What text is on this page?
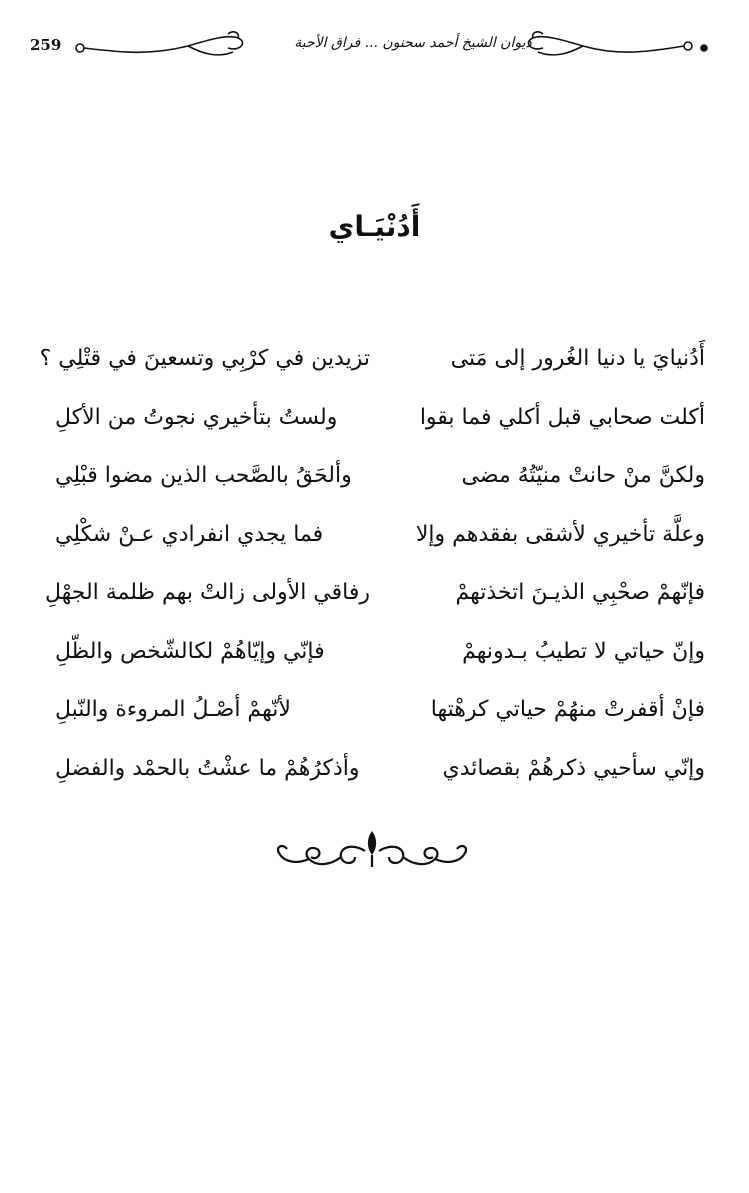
259	ديوان الشيخ أحمد سحنون ... فراق الأحبة
أَدُنْيَـاي
أَدُنيايَ يا دنيا الغُرور إلى مَتى
تزيدين في كرْبِي وتسعينَ في قتْلِي ؟
أكلت صحابي قبل أكلي فما بقوا
ولستُ بتأخيري نجوتُ من الأكلِ
ولكنَّ منْ حانتْ منيّتُهُ مضى
وألحَقُ بالصَّحب الذين مضوا قبْلِي
وعلَّة تأخيري لأشقى بفقدهم وإلا
فما يجدي انفرادي عـنْ شكْلِي
فإنّهمْ صحْبِي الذيـنَ اتخذتهمْ
رفاقي الأولى زالتْ بهم ظلمة الجهْلِ
وإنّ حياتي لا تطيبُ بـدونهمْ
فإنّي وإيّاهُمْ لكالشّخص والظّلِ
فإنْ أقفرتْ منهُمْ حياتي كرهْتها
لأنّهمْ أصْـلُ المروءة والنّبلِ
وإنّي سأحيي ذكرهُمْ بقصائدي
وأذكرُهُمْ ما عشْتُ بالحمْد والفضلِ
